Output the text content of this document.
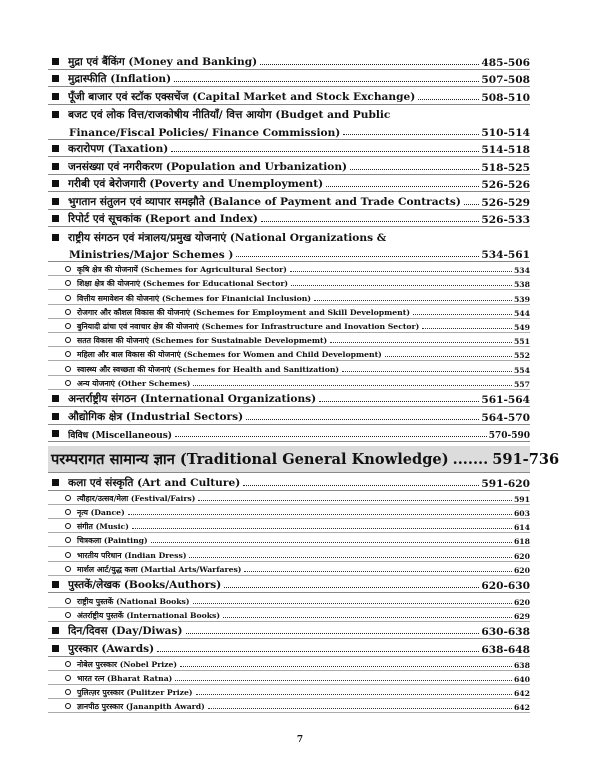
मुद्रा एवं बैंकिंग (Money and Banking)	485-506
मुद्रास्फीति (Inflation)	507-508
पूँजी बाजार एवं स्टॉक एक्सचेंज (Capital Market and Stock Exchange)	508-510
बजट एवं लोक वित्त/राजकोषीय नीतियाँ/ वित्त आयोग (Budget and Public
Finance/Fiscal Policies/ Finance Commission)	510-514
करारोपण (Taxation)	514-518
जनसंख्या एवं नगरीकरण (Population and Urbanization)	518-525
गरीबी एवं बेरोजगारी (Poverty and Unemployment)	526-526
भुगतान संतुलन एवं व्यापार समझौते (Balance of Payment and Trade Contracts) 526-529
रिपोर्ट एवं सूचकांक (Report and Index)	526-533
राष्ट्रीय संगठन एवं मंत्रालय/प्रमुख योजनाएं (National Organizations &
Ministries/Major Schemes )	534-561
कृषि क्षेत्र की योजनायें (Schemes for Agricultural Sector)	534
शिक्षा क्षेत्र की योजनाएं (Schemes for Educational Sector)	538
वित्तीय समावेशन की योजनाएं (Schemes for Finanicial Inclusion)	539
रोजगार और कौशल विकास की योजनाएं (Schemes for Employment and Skill Development)	544
बुनियादी ढांचा एवं नवाचार क्षेत्र की योजनाएं (Schemes for Infrastructure and Inovation Sector)	549
सतत विकास की योजनाएं (Schemes for Sustainable Developmemt)	551
महिला और बाल विकास की योजनाएं (Schemes for Women and Child Development)	552
स्वास्थ्य और स्वच्छता की योजनाएं (Schemes for Health and Sanitization)	554
अन्य योजनाएं (Other Schemes)	557
अन्तर्राष्ट्रीय संगठन (International Organizations)	561-564
औद्योगिक क्षेत्र (Industrial Sectors)	564-570
विविध (Miscellaneous)	570-590
परम्परागत सामान्य ज्ञान (Traditional General Knowledge) ....... 591-736
कला एवं संस्कृति (Art and Culture)	591-620
त्यौहार/उत्सव/मेला (Festival/Fairs)	591
नृत्य (Dance)	603
संगीत (Music)	614
चित्रकला (Painting)	618
भारतीय परिधान (Indian Dress)	620
मार्शल आर्ट/युद्ध कला (Martial Arts/Warfares)	620
पुस्तकें/लेखक (Books/Authors)	620-630
राष्ट्रीय पुस्तकें (National Books)	620
अंतर्राष्ट्रीय पुस्तकें (International Books)	629
दिन/दिवस (Day/Diwas)	630-638
पुरस्कार (Awards)	638-648
नोबेल पुरस्कार (Nobel Prize)	638
भारत रत्न (Bharat Ratna)	640
पुलित्ज़र पुरस्कार (Pulitzer Prize)	642
ज्ञानपीठ पुरस्कार (Jananpith Award)	642
7
